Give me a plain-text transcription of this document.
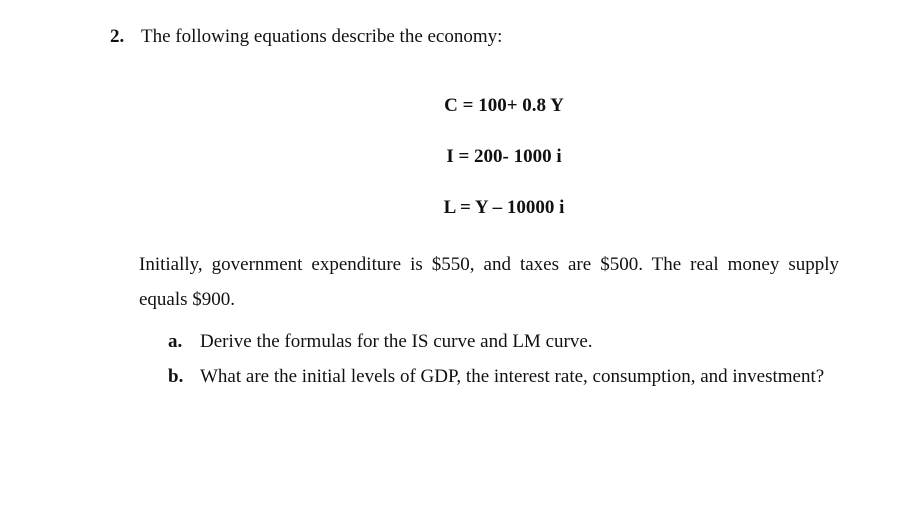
2. The following equations describe the economy:
C = 100+ 0.8 Y
I = 200- 1000 i
L = Y – 10000 i
Initially, government expenditure is $550, and taxes are $500. The real money supply equals $900.
a. Derive the formulas for the IS curve and LM curve.
b. What are the initial levels of GDP, the interest rate, consumption, and investment?
